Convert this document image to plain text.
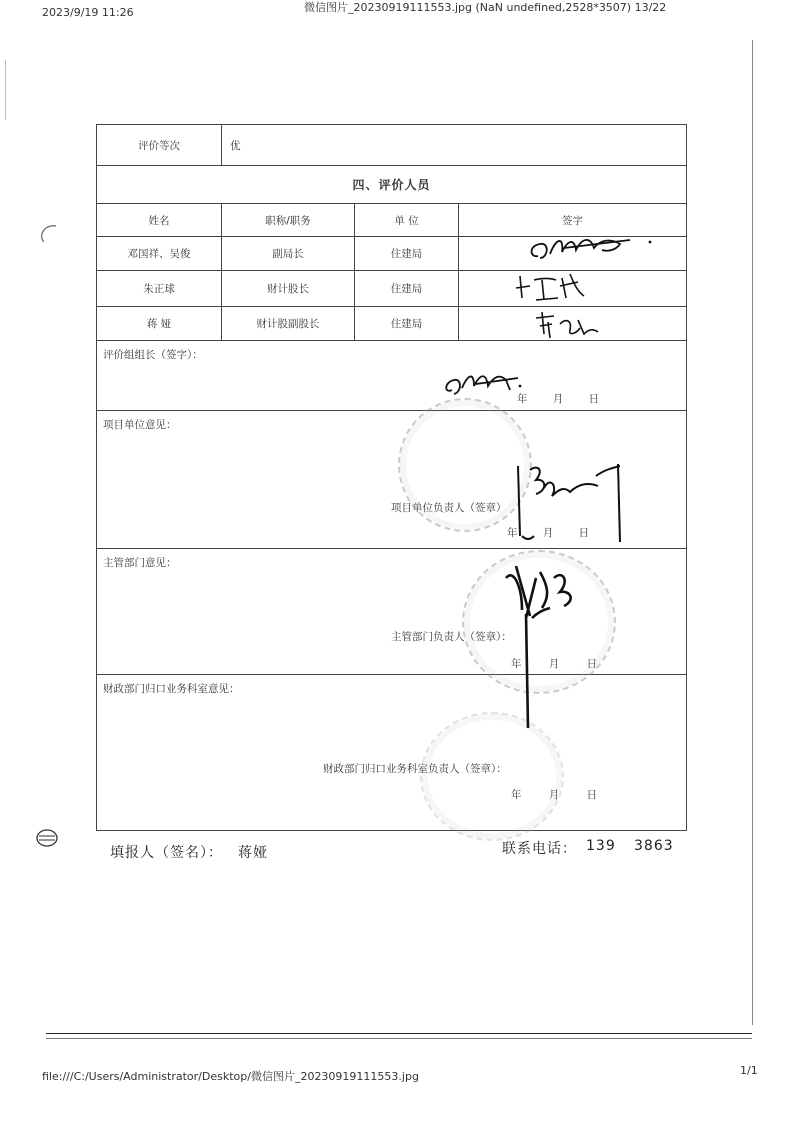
2023/9/19 11:26	微信图片_20230919111553.jpg (NaN undefined,2528*3507) 13/22
评价等次	优		
四、评价人员			
姓名	职称/职务	单 位	签字
邓国祥、吴俊	副局长	住建局	
朱正球	财计股长	住建局	
蒋 娅	财计股副股长	住建局	
评价组组长（签字）：
年 月 日			

项目单位意见：
项目单位负责人（签章）
年 月 日			

主管部门意见：
主管部门负责人（签章）：
年 月 日			

财政部门归口业务科室意见：
财政部门归口业务科室负责人（签章）：
年 月 日			
填报人（签名）： 蒋娅	联系电话： 139 3863
file:///C:/Users/Administrator/Desktop/微信图片_20230919111553.jpg	1/1
